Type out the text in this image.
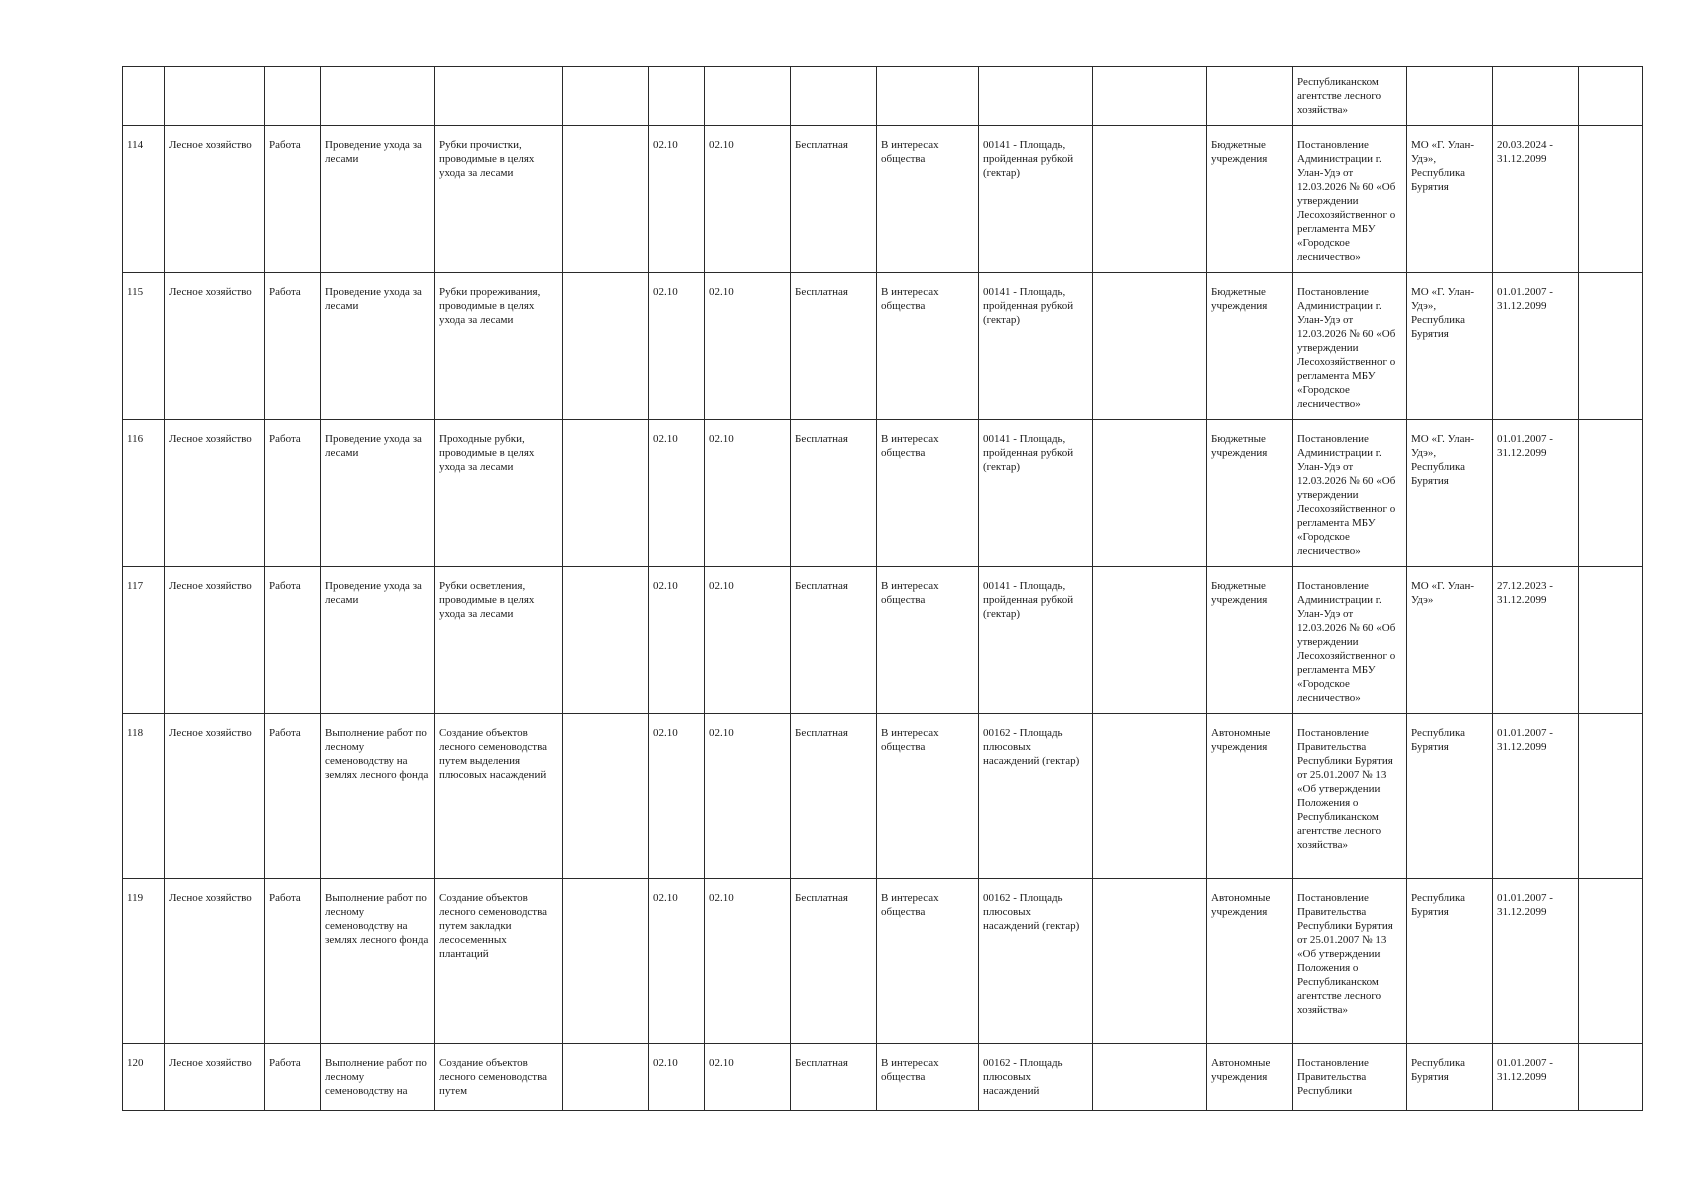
													Республиканском агентстве лесного хозяйства»			

114	Лесное хозяйство	Работа	Проведение ухода за лесами	Рубки прочистки, проводимые в целях ухода за лесами		02.10	02.10	Бесплатная	В интересах общества	00141 - Площадь, пройденная рубкой (гектар)		Бюджетные учреждения	Постановление Администрации г. Улан-Удэ от 12.03.2026 № 60 «Об утверждении Лесохозяйственног о регламента МБУ «Городское лесничество»	МО «Г. Улан-Удэ», Республика Бурятия	20.03.2024 - 31.12.2099	
115	Лесное хозяйство	Работа	Проведение ухода за лесами	Рубки прореживания, проводимые в целях ухода за лесами		02.10	02.10	Бесплатная	В интересах общества	00141 - Площадь, пройденная рубкой (гектар)		Бюджетные учреждения	Постановление Администрации г. Улан-Удэ от 12.03.2026 № 60 «Об утверждении Лесохозяйственног о регламента МБУ «Городское лесничество»	МО «Г. Улан-Удэ», Республика Бурятия	01.01.2007 - 31.12.2099	
116	Лесное хозяйство	Работа	Проведение ухода за лесами	Проходные рубки, проводимые в целях ухода за лесами		02.10	02.10	Бесплатная	В интересах общества	00141 - Площадь, пройденная рубкой (гектар)		Бюджетные учреждения	Постановление Администрации г. Улан-Удэ от 12.03.2026 № 60 «Об утверждении Лесохозяйственног о регламента МБУ «Городское лесничество»	МО «Г. Улан-Удэ», Республика Бурятия	01.01.2007 - 31.12.2099	
117	Лесное хозяйство	Работа	Проведение ухода за лесами	Рубки осветления, проводимые в целях ухода за лесами		02.10	02.10	Бесплатная	В интересах общества	00141 - Площадь, пройденная рубкой (гектар)		Бюджетные учреждения	Постановление Администрации г. Улан-Удэ от 12.03.2026 № 60 «Об утверждении Лесохозяйственног о регламента МБУ «Городское лесничество»	МО «Г. Улан-Удэ»	27.12.2023 - 31.12.2099	
118	Лесное хозяйство	Работа	Выполнение работ по лесному семеноводству на землях лесного фонда	Создание объектов лесного семеноводства путем выделения плюсовых насаждений		02.10	02.10	Бесплатная	В интересах общества	00162 - Площадь плюсовых насаждений (гектар)		Автономные учреждения	Постановление Правительства Республики Бурятия от 25.01.2007 № 13 «Об утверждении Положения о Республиканском агентстве лесного хозяйства»	Республика Бурятия	01.01.2007 - 31.12.2099	
119	Лесное хозяйство	Работа	Выполнение работ по лесному семеноводству на землях лесного фонда	Создание объектов лесного семеноводства путем закладки лесосеменных плантаций		02.10	02.10	Бесплатная	В интересах общества	00162 - Площадь плюсовых насаждений (гектар)		Автономные учреждения	Постановление Правительства Республики Бурятия от 25.01.2007 № 13 «Об утверждении Положения о Республиканском агентстве лесного хозяйства»	Республика Бурятия	01.01.2007 - 31.12.2099	
120	Лесное хозяйство	Работа	Выполнение работ по лесному семеноводству на	Создание объектов лесного семеноводства путем		02.10	02.10	Бесплатная	В интересах общества	00162 - Площадь плюсовых насаждений		Автономные учреждения	Постановление Правительства Республики	Республика Бурятия	01.01.2007 - 31.12.2099	
